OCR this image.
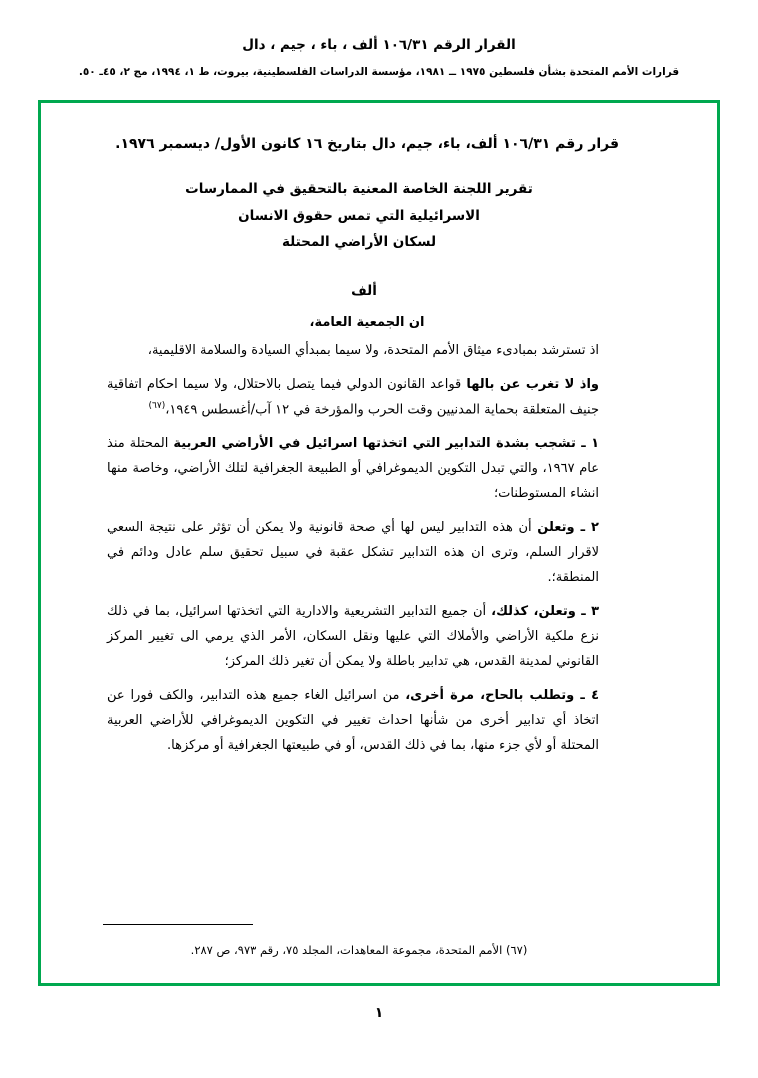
القرار الرقم ١٠٦/٣١ ألف ، باء ، جيم ، دال
قرارات الأمم المتحدة بشأن فلسطين ١٩٧٥ ــ ١٩٨١، مؤسسة الدراسات الفلسطينية، بيروت، ط ١، ١٩٩٤، مج ٢، ٤٥ـ ٥٠.
قرار رقم ١٠٦/٣١ ألف، باء، جيم، دال بتاريخ ١٦ كانون الأول/ ديسمبر ١٩٧٦.
تقرير اللجنة الخاصة المعنية بالتحقيق في الممارسات
الاسرائيلية التي تمس حقوق الانسان
لسكان الأراضي المحتلة
ألف
ان الجمعية العامة،
اذ تسترشد بمبادىء ميثاق الأمم المتحدة، ولا سيما بمبدأي السيادة والسلامة الاقليمية،
واذ لا تغرب عن بالها قواعد القانون الدولي فيما يتصل بالاحتلال، ولا سيما احكام اتفاقية جنيف المتعلقة بحماية المدنيين وقت الحرب والمؤرخة في ١٢ آب/أغسطس ١٩٤٩،$^{(٦٧)}$
١ ـ تشجب بشدة التدابير التي اتخذتها اسرائيل في الأراضي العربية المحتلة منذ عام ١٩٦٧، والتي تبدل التكوين الديموغرافي أو الطبيعة الجغرافية لتلك الأراضي، وخاصة منها انشاء المستوطنات؛
٢ ـ وتعلن أن هذه التدابير ليس لها أي صحة قانونية ولا يمكن أن تؤثر على نتيجة السعي لاقرار السلم، وترى ان هذه التدابير تشكل عقبة في سبيل تحقيق سلم عادل ودائم في المنطقة؛.
٣ ـ وتعلن، كذلك، أن جميع التدابير التشريعية والادارية التي اتخذتها اسرائيل، بما في ذلك نزع ملكية الأراضي والأملاك التي عليها ونقل السكان، الأمر الذي يرمي الى تغيير المركز القانوني لمدينة القدس، هي تدابير باطلة ولا يمكن أن تغير ذلك المركز؛
٤ ـ وتطلب بالحاح، مرة أخرى، من اسرائيل الغاء جميع هذه التدابير، والكف فورا عن اتخاذ أي تدابير أخرى من شأنها احداث تغيير في التكوين الديموغرافي للأراضي العربية المحتلة أو لأي جزء منها، بما في ذلك القدس، أو في طبيعتها الجغرافية أو مركزها.
(٦٧) الأمم المتحدة، مجموعة المعاهدات، المجلد ٧٥، رقم ٩٧٣، ص ٢٨٧.
١
